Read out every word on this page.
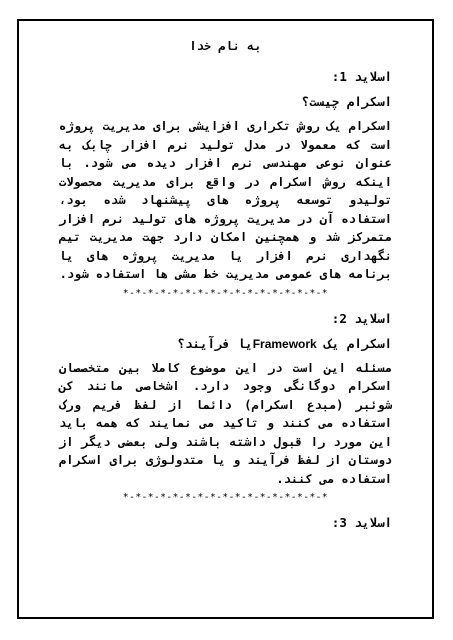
به نام خدا
اسلاید 1:
اسکرام چیست؟
اسکرام یک روش تکراری افزایشی برای مدیریت پروژه است که معمولا در مدل تولید نرم افزار چابک به عنوان نوعی مهندسی نرم افزار دیده می شود. با اینکه روش اسکرام در واقع برای مدیریت محصولات تولیدو توسعه پروژه های پیشنهاد شده بود، استفاده آن در مدیریت پروژه های تولید نرم افزار متمرکز شد و همچنین امکان دارد جهت مدیریت تیم نگهداری نرم افزار یا مدیریت پروژه های یا برنامه های عمومی مدیریت خط مشی ها استفاده شود.
*-*-*-*-*-*-*-*-*-*-*-*-*-*-*-*-*
اسلاید 2:
اسکرام یک Frameworkیا فرآیند؟
مسئله این است در این موضوع کاملا بین متخصصان اسکرام دوگانگی وجود دارد. اشخاصی مانند کن شوئبر (مبدع اسکرام) دائما از لفظ فریم ورک استفاده می کنند و تاکید می نمایند که همه باید این مورد را قبول داشته باشند ولی بعضی دیگر از دوستان از لفظ فرآیند و یا متدولوژی برای اسکرام استفاده می کنند.
*-*-*-*-*-*-*-*-*-*-*-*-*-*-*-*-*
اسلاید 3:
